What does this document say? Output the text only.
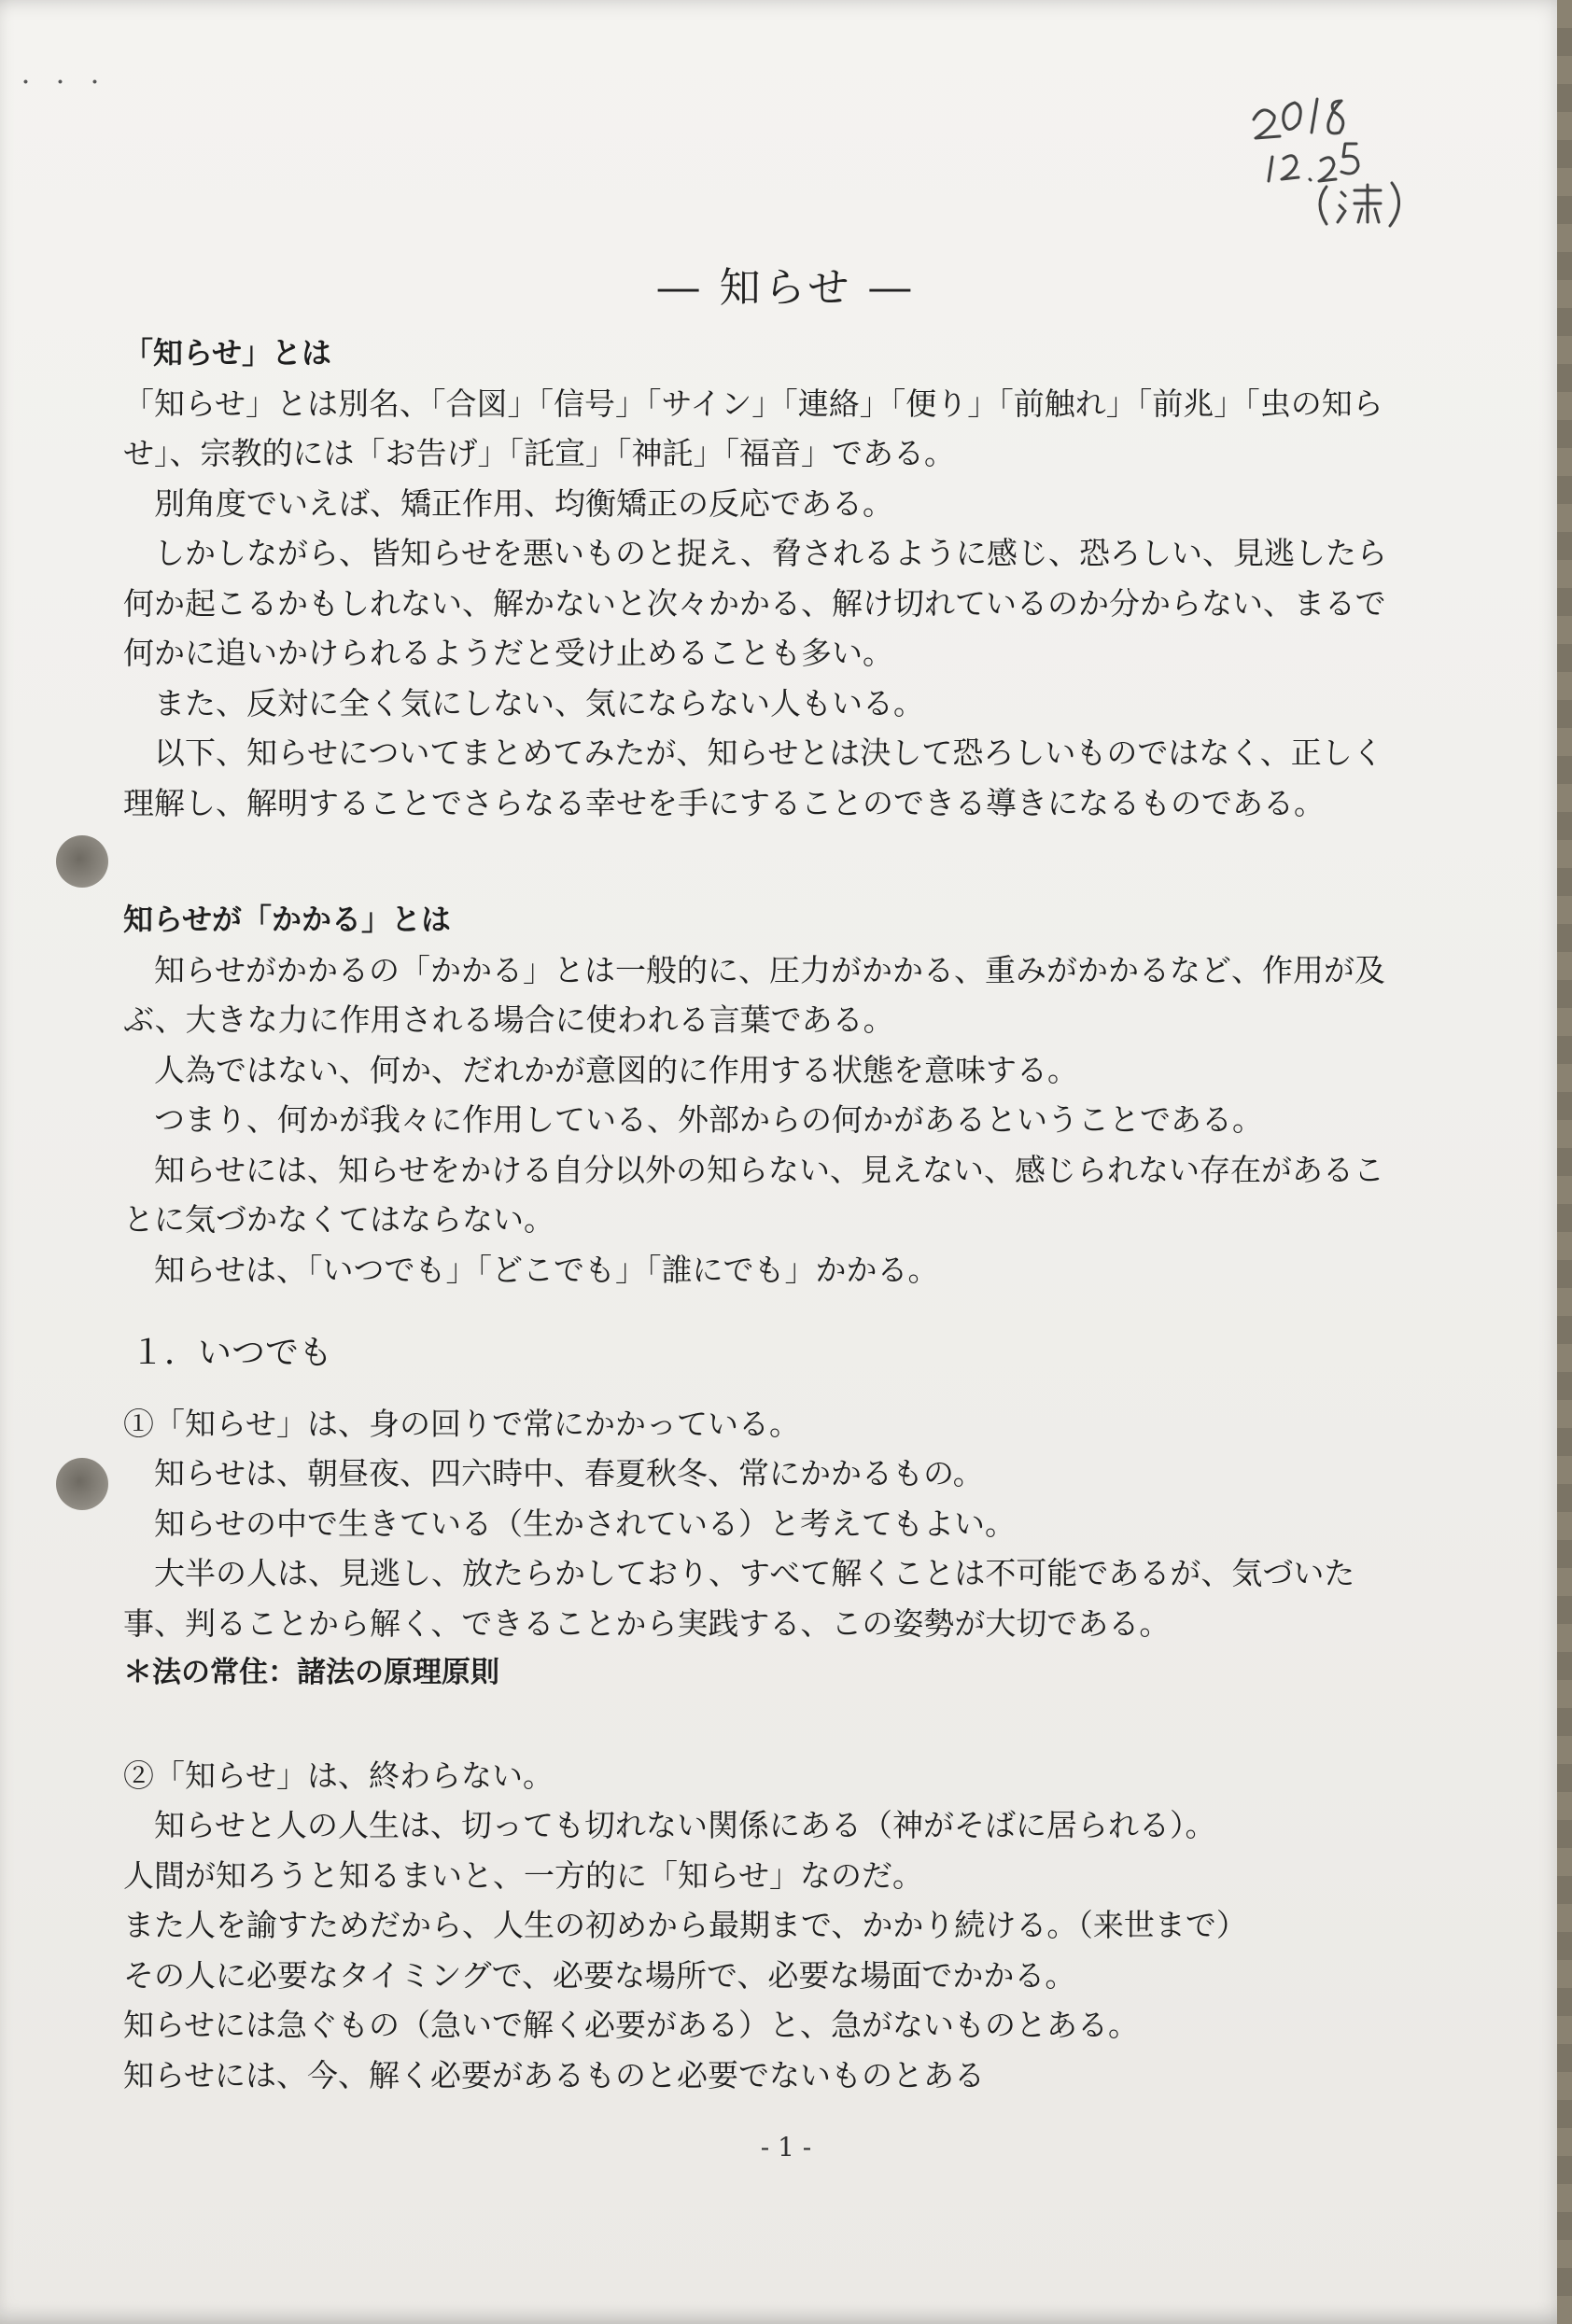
･･･
― 知らせ ―

「知らせ」とは

「知らせ」とは別名、「合図」「信号」「サイン」「連絡」「便り」「前触れ」「前兆」「虫の知らせ」、宗教的には「お告げ」「託宣」「神託」「福音」である。

別角度でいえば、矯正作用、均衡矯正の反応である。

しかしながら、皆知らせを悪いものと捉え、脅されるように感じ、恐ろしい、見逃したら何か起こるかもしれない、解かないと次々かかる、解け切れているのか分からない、まるで何かに追いかけられるようだと受け止めることも多い。

また、反対に全く気にしない、気にならない人もいる。

以下、知らせについてまとめてみたが、知らせとは決して恐ろしいものではなく、正しく理解し、解明することでさらなる幸せを手にすることのできる導きになるものである。

知らせが「かかる」とは

知らせがかかるの「かかる」とは一般的に、圧力がかかる、重みがかかるなど、作用が及ぶ、大きな力に作用される場合に使われる言葉である。

人為ではない、何か、だれかが意図的に作用する状態を意味する。

つまり、何かが我々に作用している、外部からの何かがあるということである。

知らせには、知らせをかける自分以外の知らない、見えない、感じられない存在があることに気づかなくてはならない。

知らせは、「いつでも」「どこでも」「誰にでも」かかる。

１．いつでも

①「知らせ」は、身の回りで常にかかっている。

知らせは、朝昼夜、四六時中、春夏秋冬、常にかかるもの。

知らせの中で生きている（生かされている）と考えてもよい。

大半の人は、見逃し、放たらかしており、すべて解くことは不可能であるが、気づいた事、判ることから解く、できることから実践する、この姿勢が大切である。

＊法の常住：諸法の原理原則

②「知らせ」は、終わらない。

知らせと人の人生は、切っても切れない関係にある（神がそばに居られる）。

人間が知ろうと知るまいと、一方的に「知らせ」なのだ。

また人を諭すためだから、人生の初めから最期まで、かかり続ける。（来世まで）

その人に必要なタイミングで、必要な場所で、必要な場面でかかる。

知らせには急ぐもの（急いで解く必要がある）と、急がないものとある。

知らせには、今、解く必要があるものと必要でないものとある

- 1 -
